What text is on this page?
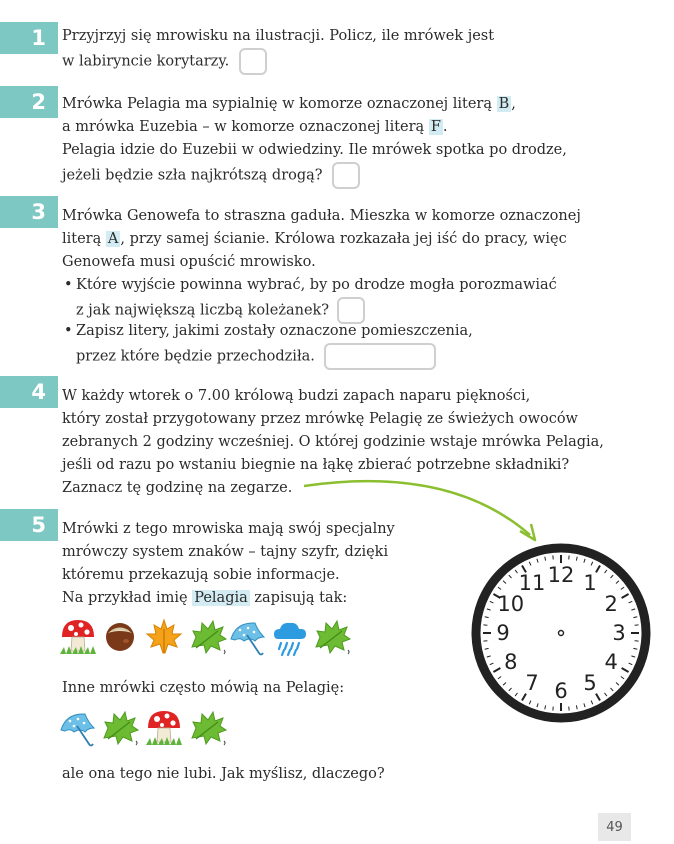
1
2
3
4
5
Przyjrzyj się mrowisku na ilustracji. Policz, ile mrówek jest
w labiryncie korytarzy.
Mrówka Pelagia ma sypialnię w komorze oznaczonej literą B ,
a mrówka Euzebia – w komorze oznaczonej literą F .
Pelagia idzie do Euzebii w odwiedziny. Ile mrówek spotka po drodze,
jeżeli będzie szła najkrótszą drogą?
Mrówka Genowefa to straszna gaduła. Mieszka w komorze oznaczonej
literą A , przy samej ścianie. Królowa rozkazała jej iść do pracy, więc
Genowefa musi opuścić mrowisko.
• Które wyjście powinna wybrać, by po drodze mogła porozmawiać
z jak największą liczbą koleżanek?
• Zapisz litery, jakimi zostały oznaczone pomieszczenia,
przez które będzie przechodziła.
W każdy wtorek o 7.00 królową budzi zapach naparu piękności,
który został przygotowany przez mrówkę Pelagię ze świeżych owoców
zebranych 2 godziny wcześniej. O której godzinie wstaje mrówka Pelagia,
jeśli od razu po wstaniu biegnie na łąkę zbierać potrzebne składniki?
Zaznacz tę godzinę na zegarze.
Mrówki z tego mrowiska mają swój specjalny
mrówczy system znaków – tajny szyfr, dzięki
któremu przekazują sobie informacje.
Na przykład imię Pelagia zapisują tak:
Inne mrówki często mówią na Pelagię:
ale ona tego nie lubi. Jak myślisz, dlaczego?
12 1
2
3
4
5
6
7
8
9
10
11
49
